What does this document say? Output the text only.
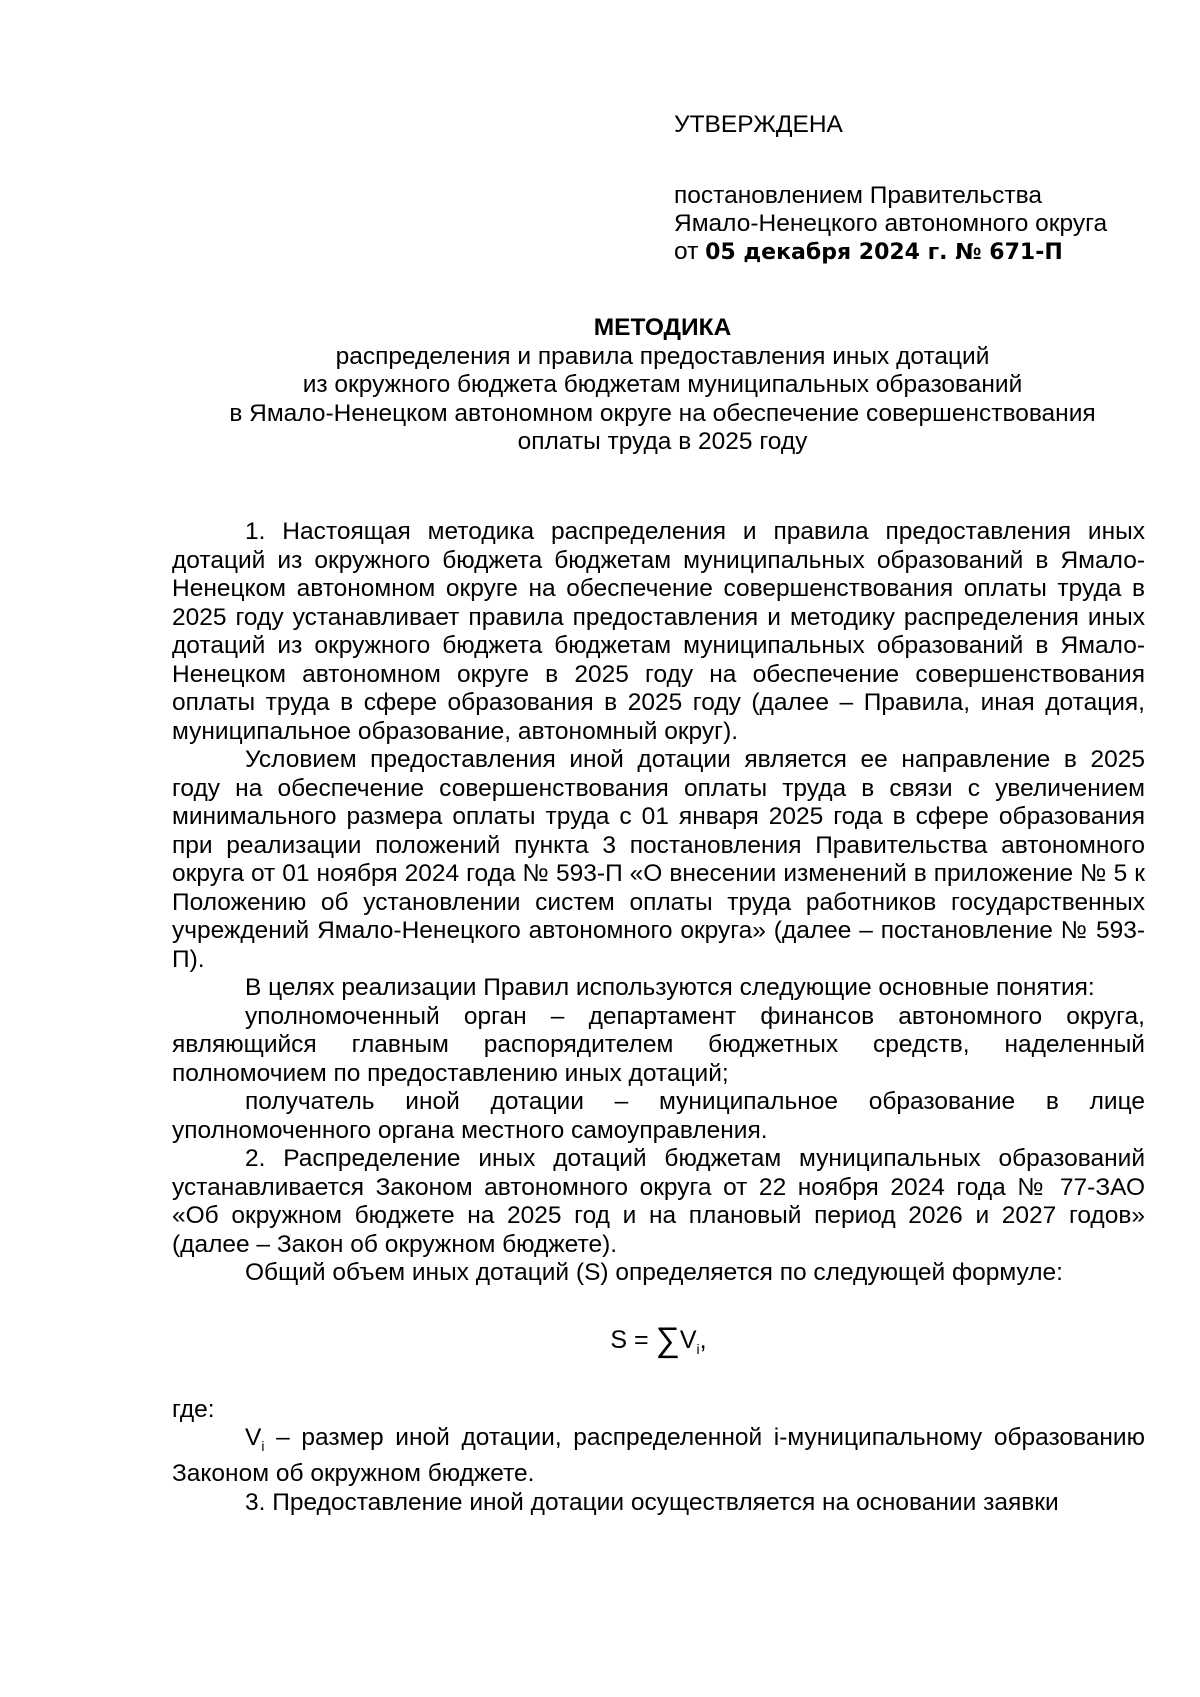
УТВЕРЖДЕНА
постановлением Правительства
Ямало-Ненецкого автономного округа
от 05 декабря 2024 г. № 671-П
МЕТОДИКА
распределения и правила предоставления иных дотаций
из окружного бюджета бюджетам муниципальных образований
в Ямало-Ненецком автономном округе на обеспечение совершенствования
оплаты труда в 2025 году

1. Настоящая методика распределения и правила предоставления иных дотаций из окружного бюджета бюджетам муниципальных образований в Ямало-Ненецком автономном округе на обеспечение совершенствования оплаты труда в 2025 году устанавливает правила предоставления и методику распределения иных дотаций из окружного бюджета бюджетам муниципальных образований в Ямало-Ненецком автономном округе в 2025 году на обеспечение совершенствования оплаты труда в сфере образования в 2025 году (далее – Правила, иная дотация, муниципальное образование, автономный округ).

Условием предоставления иной дотации является ее направление в 2025 году на обеспечение совершенствования оплаты труда в связи с увеличением минимального размера оплаты труда с 01 января 2025 года в сфере образования при реализации положений пункта 3 постановления Правительства автономного округа от 01 ноября 2024 года № 593-П «О внесении изменений в приложение № 5 к Положению об установлении систем оплаты труда работников государственных учреждений Ямало-Ненецкого автономного округа» (далее – постановление № 593-П).

В целях реализации Правил используются следующие основные понятия:

уполномоченный орган – департамент финансов автономного округа, являющийся главным распорядителем бюджетных средств, наделенный полномочием по предоставлению иных дотаций;

получатель иной дотации – муниципальное образование в лице уполномоченного органа местного самоуправления.

2. Распределение иных дотаций бюджетам муниципальных образований устанавливается Законом автономного округа от 22 ноября 2024 года № 77-ЗАО «Об окружном бюджете на 2025 год и на плановый период 2026 и 2027 годов» (далее – Закон об окружном бюджете).

Общий объем иных дотаций (S) определяется по следующей формуле:

$S = \sum V_i$,

где:

$V_i$ – размер иной дотации, распределенной i-муниципальному образованию Законом об окружном бюджете.

3. Предоставление иной дотации осуществляется на основании заявки
